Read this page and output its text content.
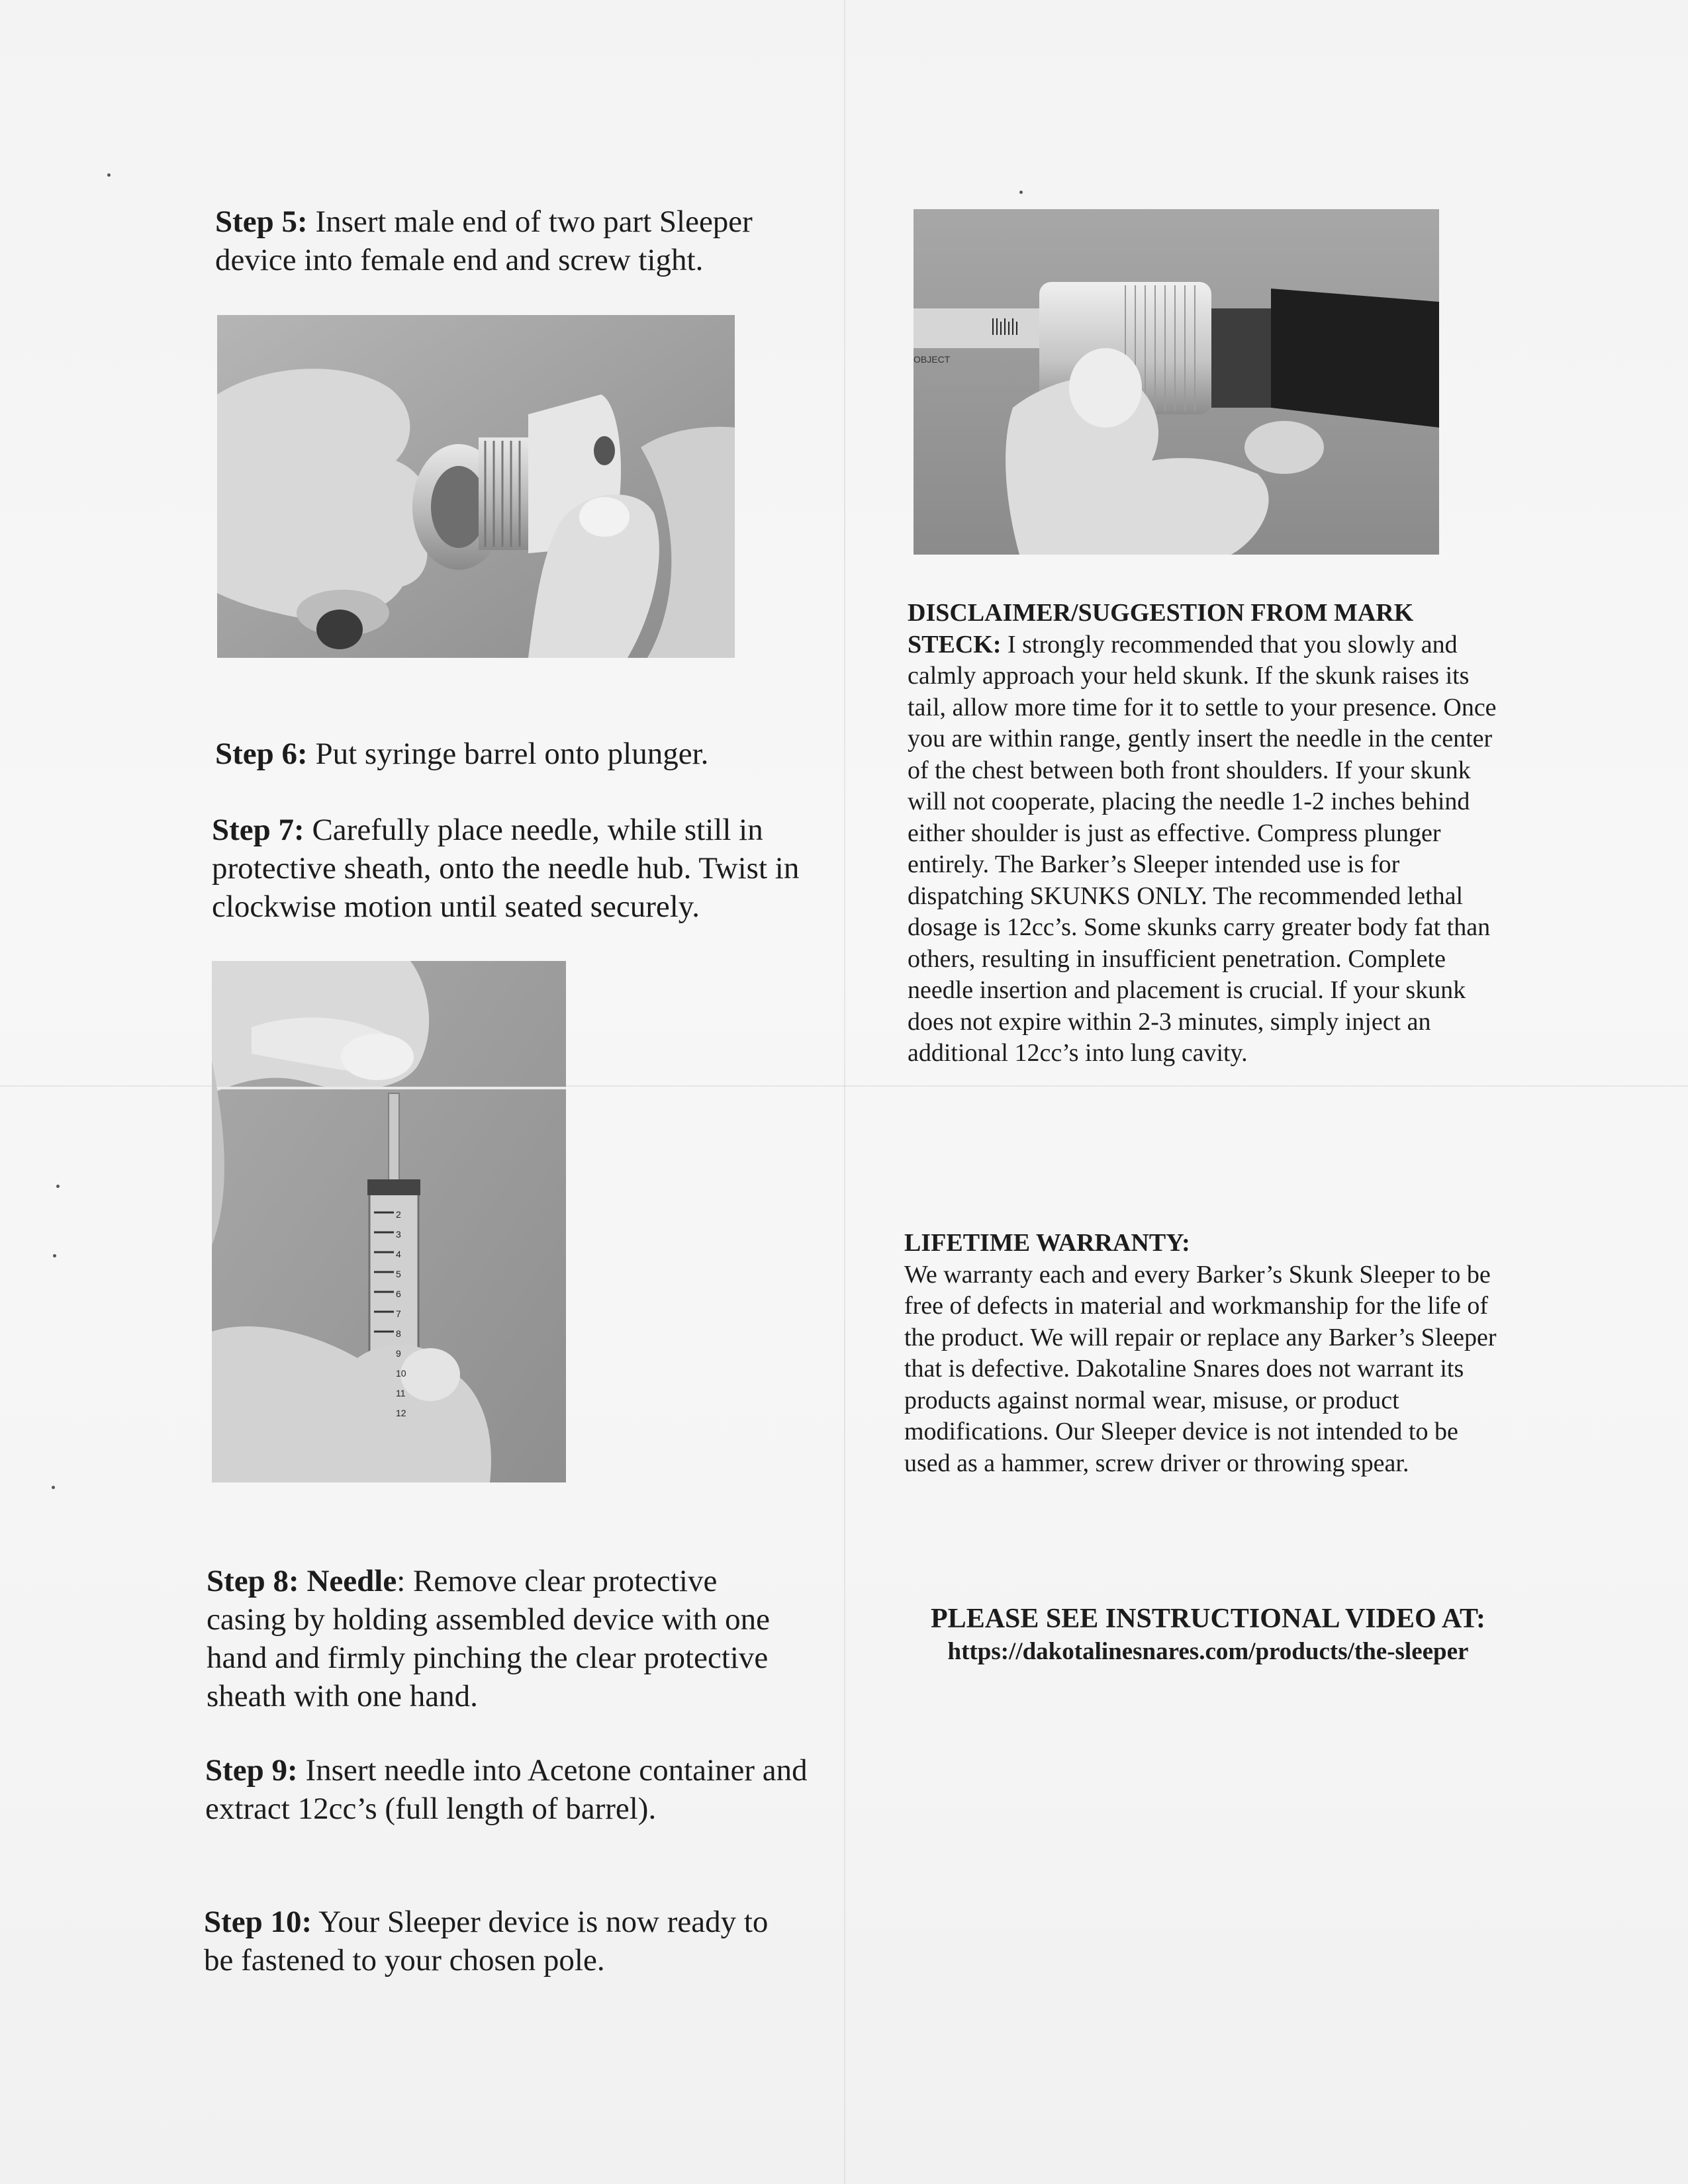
Step 5: Insert male end of two part Sleeper device into female end and screw tight.
Step 6: Put syringe barrel onto plunger.
Step 7: Carefully place needle, while still in protective sheath, onto the needle hub. Twist in clockwise motion until seated securely.
2
3
4
5
6
7
8
9
10
11
12
Step 8: Needle: Remove clear protective casing by holding assembled device with one hand and firmly pinching the clear protective sheath with one hand.
Step 9: Insert needle into Acetone container and extract 12cc’s (full length of barrel).
Step 10: Your Sleeper device is now ready to be fastened to your chosen pole.
OBJECT
DISCLAIMER/SUGGESTION FROM MARK STECK: I strongly recommended that you slowly and calmly approach your held skunk. If the skunk raises its tail, allow more time for it to settle to your presence. Once you are within range, gently insert the needle in the center of the chest between both front shoulders. If your skunk will not cooperate, placing the needle 1-2 inches behind either shoulder is just as effective. Compress plunger entirely. The Barker’s Sleeper intended use is for dispatching SKUNKS ONLY. The recommended lethal dosage is 12cc’s. Some skunks carry greater body fat than others, resulting in insufficient penetration. Complete needle insertion and placement is crucial. If your skunk does not expire within 2-3 minutes, simply inject an additional 12cc’s into lung cavity.
LIFETIME WARRANTY:
We warranty each and every Barker’s Skunk Sleeper to be free of defects in material and workmanship for the life of the product. We will repair or replace any Barker’s Sleeper that is defective. Dakotaline Snares does not warrant its products against normal wear, misuse, or product modifications. Our Sleeper device is not intended to be used as a hammer, screw driver or throwing spear.
PLEASE SEE INSTRUCTIONAL VIDEO AT:
https://dakotalinesnares.com/products/the-sleeper
